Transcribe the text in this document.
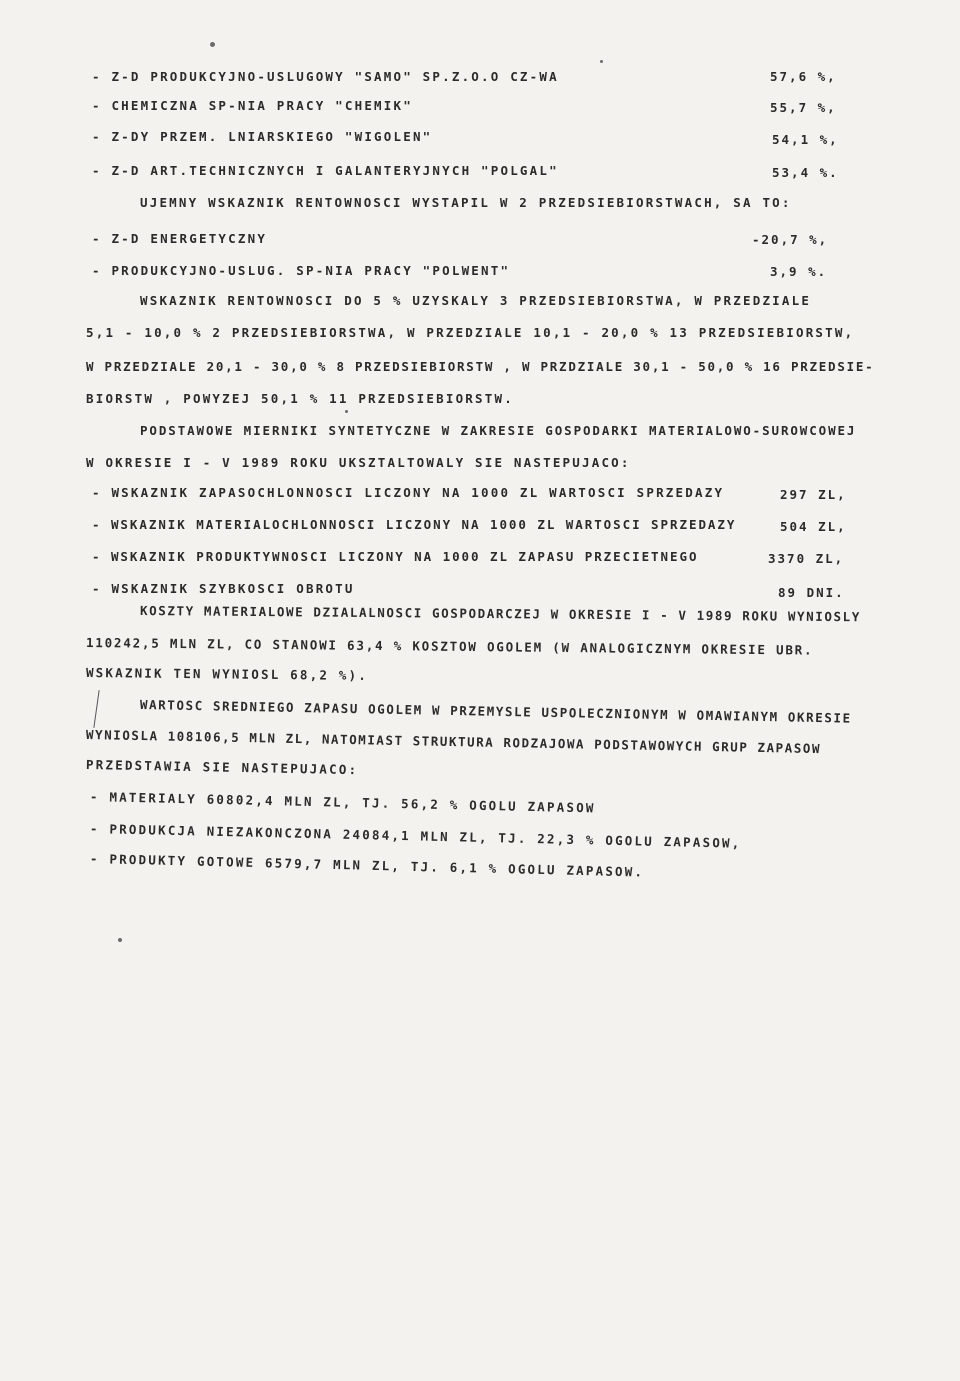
- Z-D PRODUKCYJNO-USLUGOWY "SAMO" SP.Z.O.O CZ-WA	57,6 %,
- CHEMICZNA SP-NIA PRACY "CHEMIK"	55,7 %,
- Z-DY PRZEM. LNIARSKIEGO "WIGOLEN"	54,1 %,
- Z-D ART.TECHNICZNYCH I GALANTERYJNYCH "POLGAL"	53,4 %.
UJEMNY WSKAZNIK RENTOWNOSCI WYSTAPIL W 2 PRZEDSIEBIORSTWACH, SA TO:
- Z-D ENERGETYCZNY	-20,7 %,
- PRODUKCYJNO-USLUG. SP-NIA PRACY "POLWENT"	3,9 %.
WSKAZNIK RENTOWNOSCI DO 5 % UZYSKALY 3 PRZEDSIEBIORSTWA, W PRZEDZIALE
5,1 - 10,0 % 2 PRZEDSIEBIORSTWA, W PRZEDZIALE 10,1 - 20,0 % 13 PRZEDSIEBIORSTW,
W PRZEDZIALE 20,1 - 30,0 % 8 PRZEDSIEBIORSTW , W PRZDZIALE 30,1 - 50,0 % 16 PRZEDSIE-
BIORSTW , POWYZEJ 50,1 % 11 PRZEDSIEBIORSTW.
PODSTAWOWE MIERNIKI SYNTETYCZNE W ZAKRESIE GOSPODARKI MATERIALOWO-SUROWCOWEJ
W OKRESIE I - V 1989 ROKU UKSZTALTOWALY SIE NASTEPUJACO:
- WSKAZNIK ZAPASOCHLONNOSCI LICZONY NA 1000 ZL WARTOSCI SPRZEDAZY	297 ZL,
- WSKAZNIK MATERIALOCHLONNOSCI LICZONY NA 1000 ZL WARTOSCI SPRZEDAZY	504 ZL,
- WSKAZNIK PRODUKTYWNOSCI LICZONY NA 1000 ZL ZAPASU PRZECIETNEGO	3370 ZL,
- WSKAZNIK SZYBKOSCI OBROTU	89 DNI.
KOSZTY MATERIALOWE DZIALALNOSCI GOSPODARCZEJ W OKRESIE I - V 1989 ROKU WYNIOSLY
110242,5 MLN ZL, CO STANOWI 63,4 % KOSZTOW OGOLEM (W ANALOGICZNYM OKRESIE UBR.
WSKAZNIK TEN WYNIOSL 68,2 %).
WARTOSC SREDNIEGO ZAPASU OGOLEM W PRZEMYSLE USPOLECZNIONYM W OMAWIANYM OKRESIE
WYNIOSLA 108106,5 MLN ZL, NATOMIAST STRUKTURA RODZAJOWA PODSTAWOWYCH GRUP ZAPASOW
PRZEDSTAWIA SIE NASTEPUJACO:
- MATERIALY 60802,4 MLN ZL, TJ. 56,2 % OGOLU ZAPASOW
- PRODUKCJA NIEZAKONCZONA 24084,1 MLN ZL, TJ. 22,3 % OGOLU ZAPASOW,
- PRODUKTY GOTOWE 6579,7 MLN ZL, TJ. 6,1 % OGOLU ZAPASOW.
